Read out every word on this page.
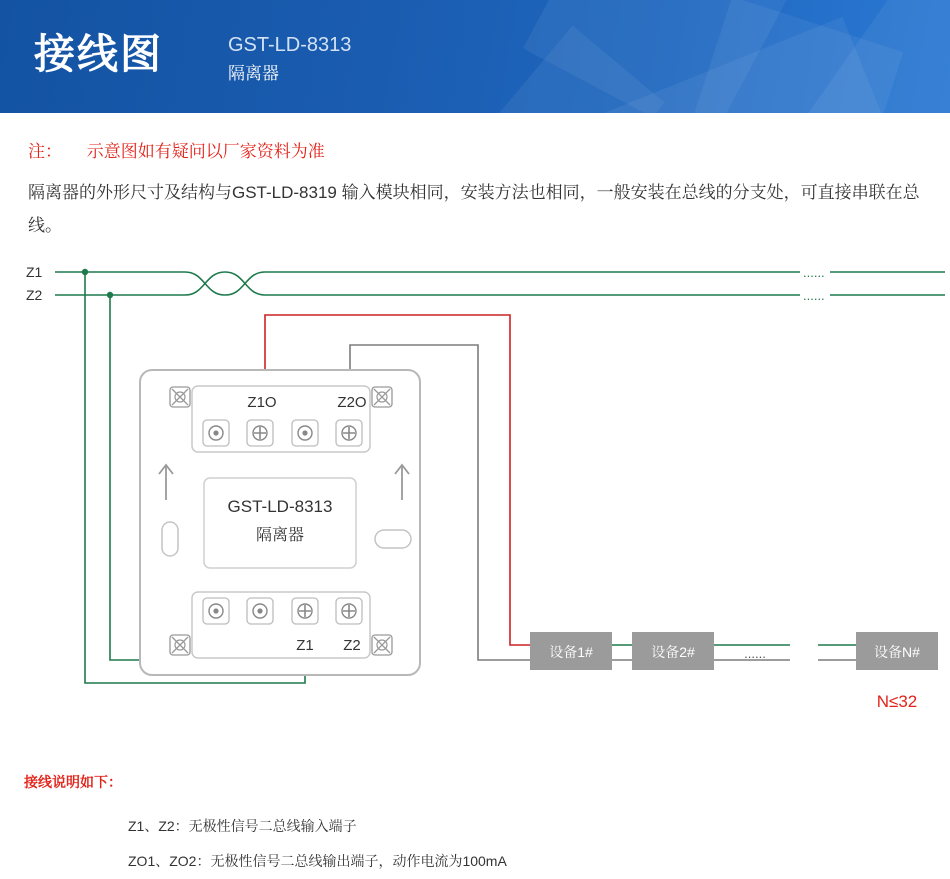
接线图	GST-LD-8313
隔离器
注： 示意图如有疑问以厂家资料为准
隔离器的外形尺寸及结构与GST-LD-8319 输入模块相同，安装方法也相同，一般安装在总线的分支处，可直接串联在总线。
......
......
Z1
Z2
......
Z1O	Z2O
GST-LD-8313
隔离器
Z1 Z2	设备1#	设备2#	设备N#
N≤32
接线说明如下：
Z1、Z2：无极性信号二总线输入端子
ZO1、ZO2：无极性信号二总线输出端子，动作电流为100mA
